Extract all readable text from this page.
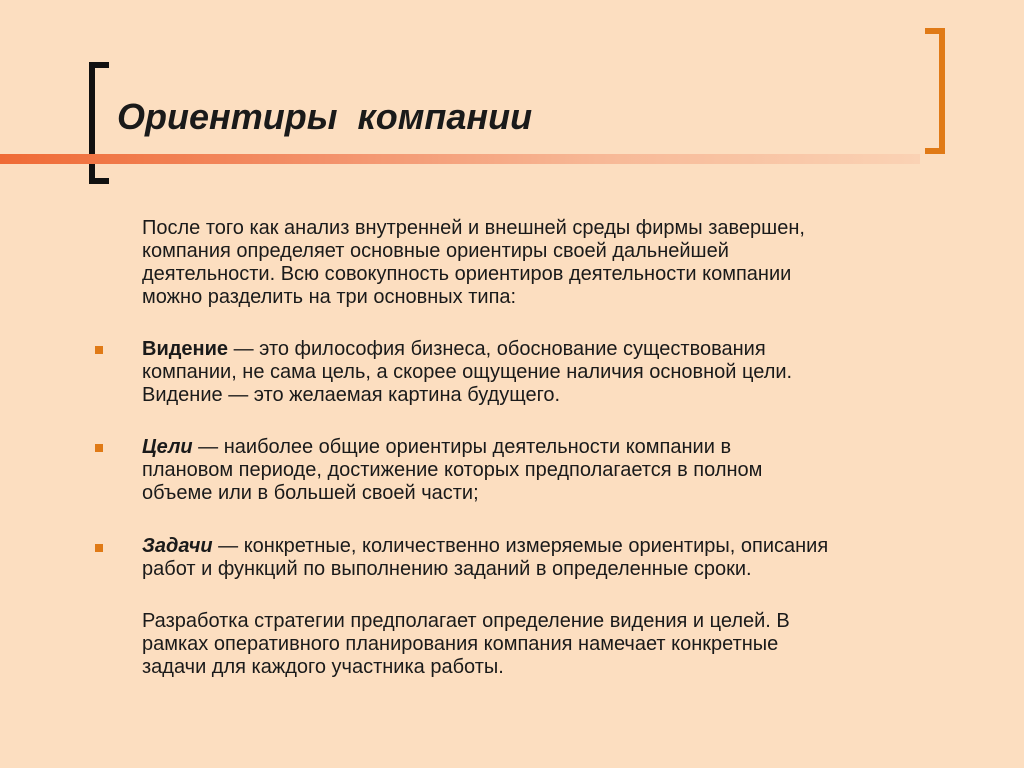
Ориентиры  компании

После того как анализ внутренней и внешней среды фирмы завершен,
компания определяет основные ориентиры своей дальнейшей
деятельности. Всю совокупность ориентиров деятельности компании
можно разделить на три основных типа:

Видение — это философия бизнеса, обоснование существования
компании, не сама цель, а скорее ощущение наличия основной цели.
Видение — это желаемая картина будущего.

Цели — наиболее общие ориентиры деятельности компании в
плановом периоде, достижение которых предполагается в полном
объеме или в большей своей части;

Задачи — конкретные, количественно измеряемые ориентиры, описания
работ и функций по выполнению заданий в определенные сроки.

Разработка стратегии предполагает определение видения и целей. В
рамках оперативного планирования компания намечает конкретные
задачи для каждого участника работы.
